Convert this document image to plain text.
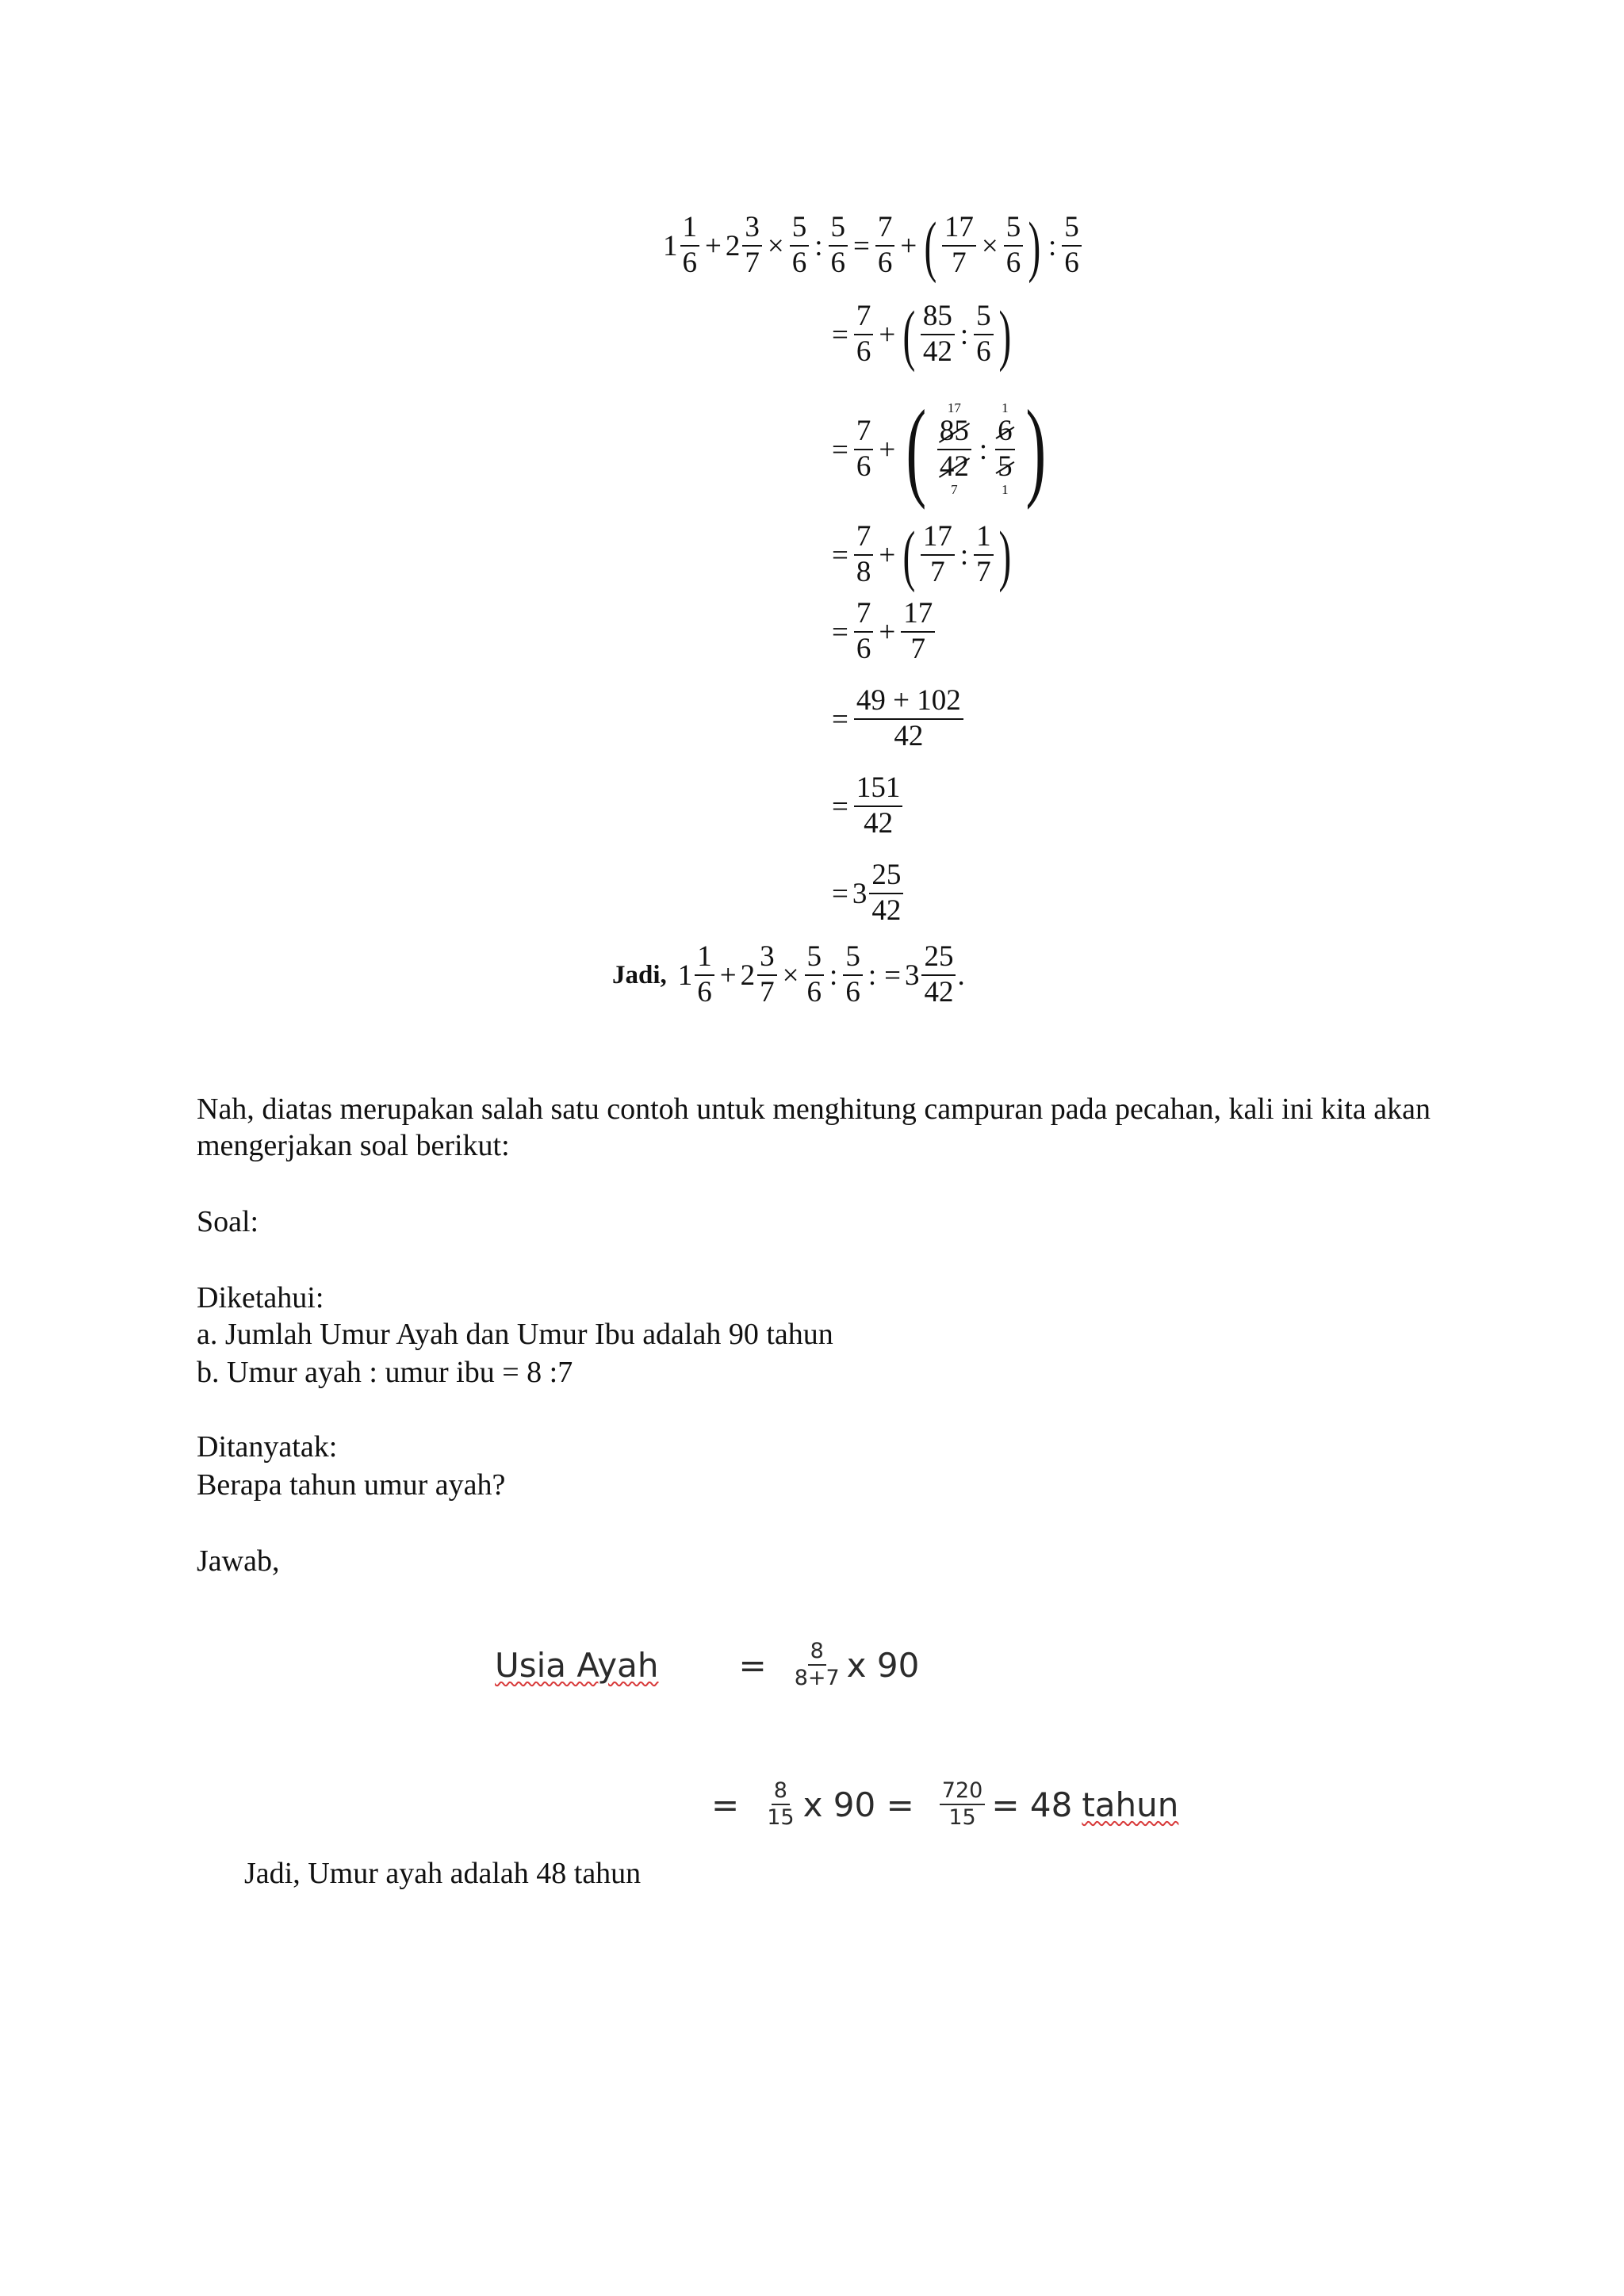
$1 \frac{1}{6} + 2 \frac{3}{7} \times \frac{5}{6}$ : $\frac{5}{6} = \frac{7}{6}$ + ( $\frac{17}{7} \times \frac{5}{6}$ ) : $\frac{5}{6}$
= $\frac{7}{6}$ + ( $\frac{85}{42}$ : $\frac{5}{6}$ )
= $\frac{7}{6}$ + ( 17
$\frac{85}{42}$
7
:
1
$\frac{6}{5}$
1 )
= $\frac{7}{8}$ + ( $\frac{17}{7}$ : $\frac{1}{7}$ )
= $\frac{7}{6} + \frac{17}{7}$
= $\frac{49 + 102}{42}$
= $\frac{151}{42}$
= $3 \frac{25}{42}$
Jadi, $1 \frac{1}{6} + 2 \frac{3}{7} \times \frac{5}{6}$ : $\frac{5}{6}$ : = $3 \frac{25}{42}$ .
Nah, diatas merupakan salah satu contoh untuk menghitung campuran pada pecahan, kali ini kita akan mengerjakan soal berikut:
Soal:
Diketahui:
a. Jumlah Umur Ayah dan Umur Ibu adalah 90 tahun
b. Umur ayah : umur ibu = 8 :7
Ditanyatak:
Berapa tahun umur ayah?
Jawab,
Usia Ayah = $\frac{8}{8+7}$ x 90
= $\frac{8}{15}$ x $90 = \frac{720}{15} = 48$ tahun
Jadi, Umur ayah adalah 48 tahun
